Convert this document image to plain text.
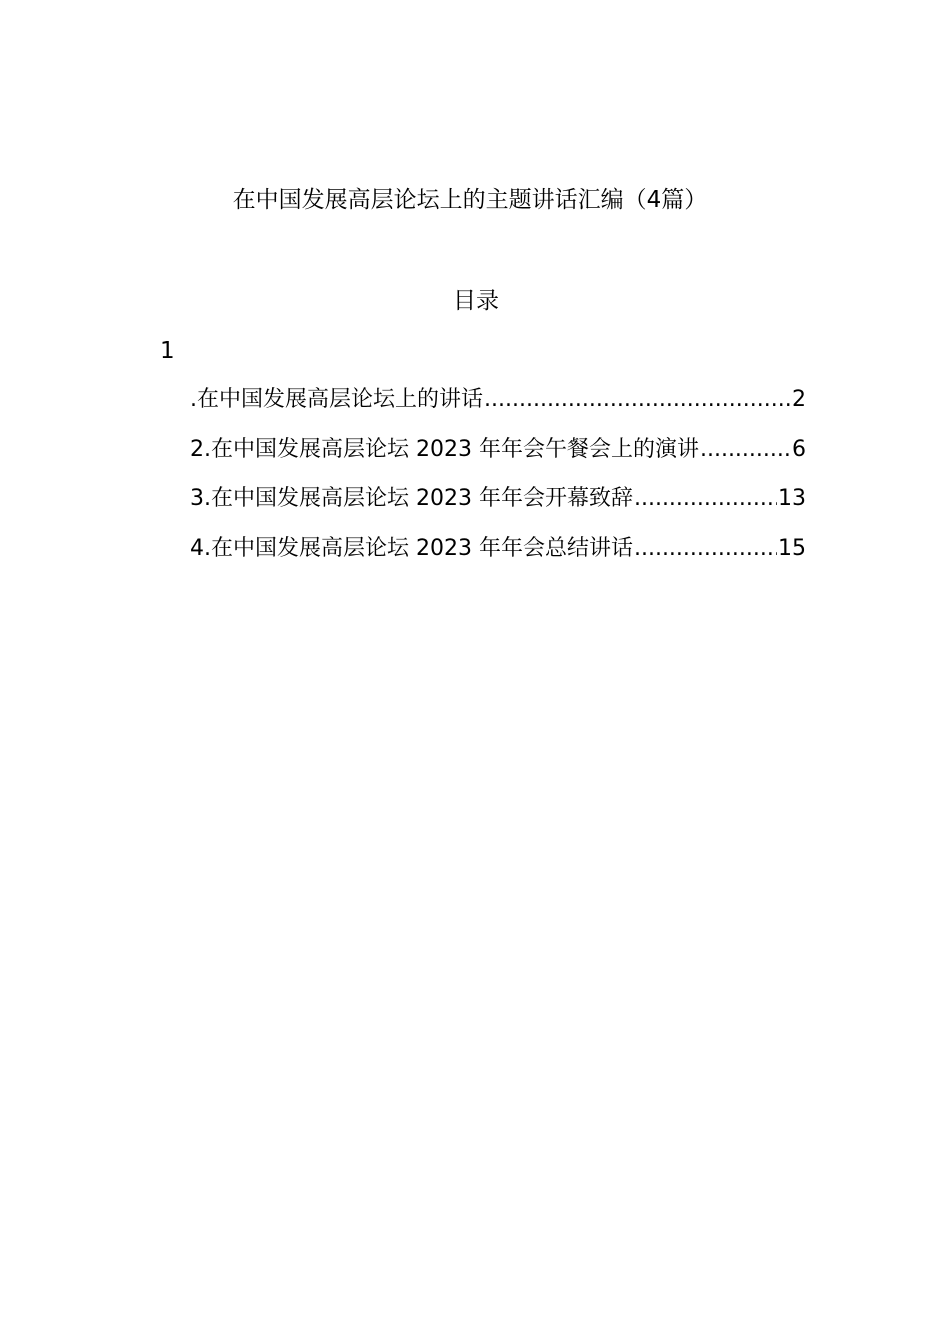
在中国发展高层论坛上的主题讲话汇编（4篇）
目录
1
.在中国发展高层论坛上的讲话 .....	2
2.在中国发展高层论坛 2023 年年会午餐会上的演讲 .....	6
3.在中国发展高层论坛 2023 年年会开幕致辞 .....	13
4.在中国发展高层论坛 2023 年年会总结讲话 .....	15
